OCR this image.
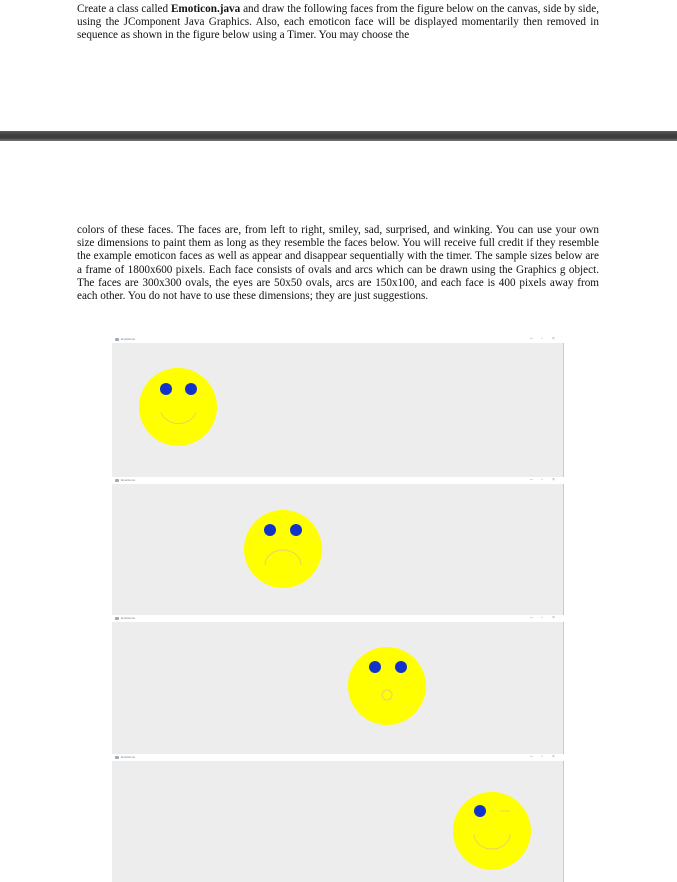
Create a class called Emoticon.java and draw the following faces from the figure below on the canvas, side by side, using the JComponent Java Graphics. Also, each emoticon face will be displayed momentarily then removed in sequence as shown in the figure below using a Timer. You may choose the

colors of these faces. The faces are, from left to right, smiley, sad, surprised, and winking. You can use your own size dimensions to paint them as long as they resemble the faces below. You will receive full credit if they resemble the example emoticon faces as well as appear and disappear sequentially with the timer. The sample sizes below are a frame of 1800x600 pixels. Each face consists of ovals and arcs which can be drawn using the Graphics g object. The faces are 300x300 ovals, the eyes are 50x50 ovals, arcs are 150x100, and each face is 400 pixels away from each other. You do not have to use these dimensions; they are just suggestions.

Emoticons	– ▫ ×
Emoticons	– ▫ ×
Emoticons	– ▫ ×
Emoticons	– ▫ ×
